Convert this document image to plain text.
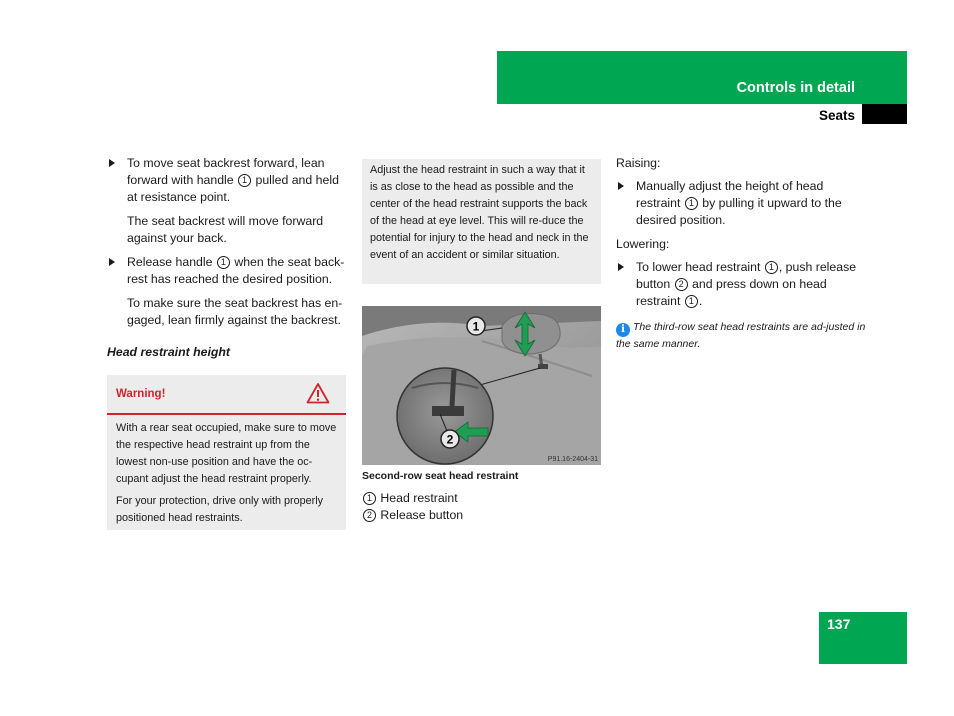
Controls in detail
Seats

To move seat backrest forward, lean forward with handle 1 pulled and held at resistance point.

The seat backrest will move forward against your back.

Release handle 1 when the seat back-rest has reached the desired position.

To make sure the seat backrest has en-gaged, lean firmly against the backrest.

Head restraint height
Warning!

With a rear seat occupied, make sure to move the respective head restraint up from the lowest non-use position and have the oc-cupant adjust the head restraint properly.

For your protection, drive only with properly positioned head restraints.

Adjust the head restraint in such a way that it is as close to the head as possible and the center of the head restraint supports the back of the head at eye level. This will re-duce the potential for injury to the head and neck in the event of an accident or similar situation.
1
2
P91.16-2404-31
Second-row seat head restraint
1 Head restraint
2 Release button

Raising:

Manually adjust the height of head restraint 1 by pulling it upward to the desired position.

Lowering:

To lower head restraint 1 , push release button 2 and press down on head restraint 1 .

i The third-row seat head restraints are ad-justed in the same manner.
137
